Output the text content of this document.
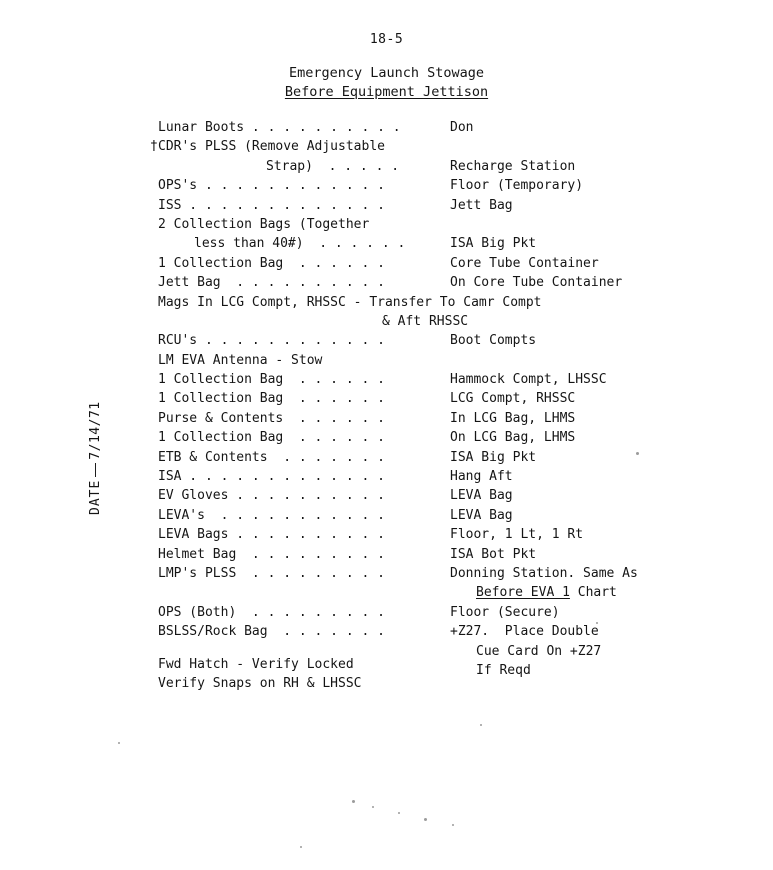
18-5
Emergency Launch Stowage
Before Equipment Jettison
DATE7/14/71
Lunar Boots . . . . . . . . . .	Don
† CDR's PLSS (Remove Adjustable
Strap)  . . . . .	Recharge Station
OPS's . . . . . . . . . . . .	Floor (Temporary)
ISS . . . . . . . . . . . . .	Jett Bag
2 Collection Bags (Together
less than 40#)  . . . . . .	ISA Big Pkt
1 Collection Bag  . . . . . .	Core Tube Container
Jett Bag  . . . . . . . . . .	On Core Tube Container
Mags In LCG Compt, RHSSC - Transfer To Camr Compt
& Aft RHSSC
RCU's . . . . . . . . . . . .	Boot Compts
LM EVA Antenna - Stow
1 Collection Bag  . . . . . .	Hammock Compt, LHSSC
1 Collection Bag  . . . . . .	LCG Compt, RHSSC
Purse & Contents  . . . . . .	In LCG Bag, LHMS
1 Collection Bag  . . . . . .	On LCG Bag, LHMS
ETB & Contents  . . . . . . .	ISA Big Pkt
ISA . . . . . . . . . . . . .	Hang Aft
EV Gloves . . . . . . . . . .	LEVA Bag
LEVA's  . . . . . . . . . . .	LEVA Bag
LEVA Bags . . . . . . . . . .	Floor, 1 Lt, 1 Rt
Helmet Bag  . . . . . . . . .	ISA Bot Pkt
LMP's PLSS  . . . . . . . . .	Donning Station. Same As
Before EVA 1 Chart
OPS (Both)  . . . . . . . . .	Floor (Secure)
BSLSS/Rock Bag  . . . . . . .	+Z27.  Place Double
Cue Card On +Z27
If Reqd
Fwd Hatch - Verify Locked
Verify Snaps on RH & LHSSC
